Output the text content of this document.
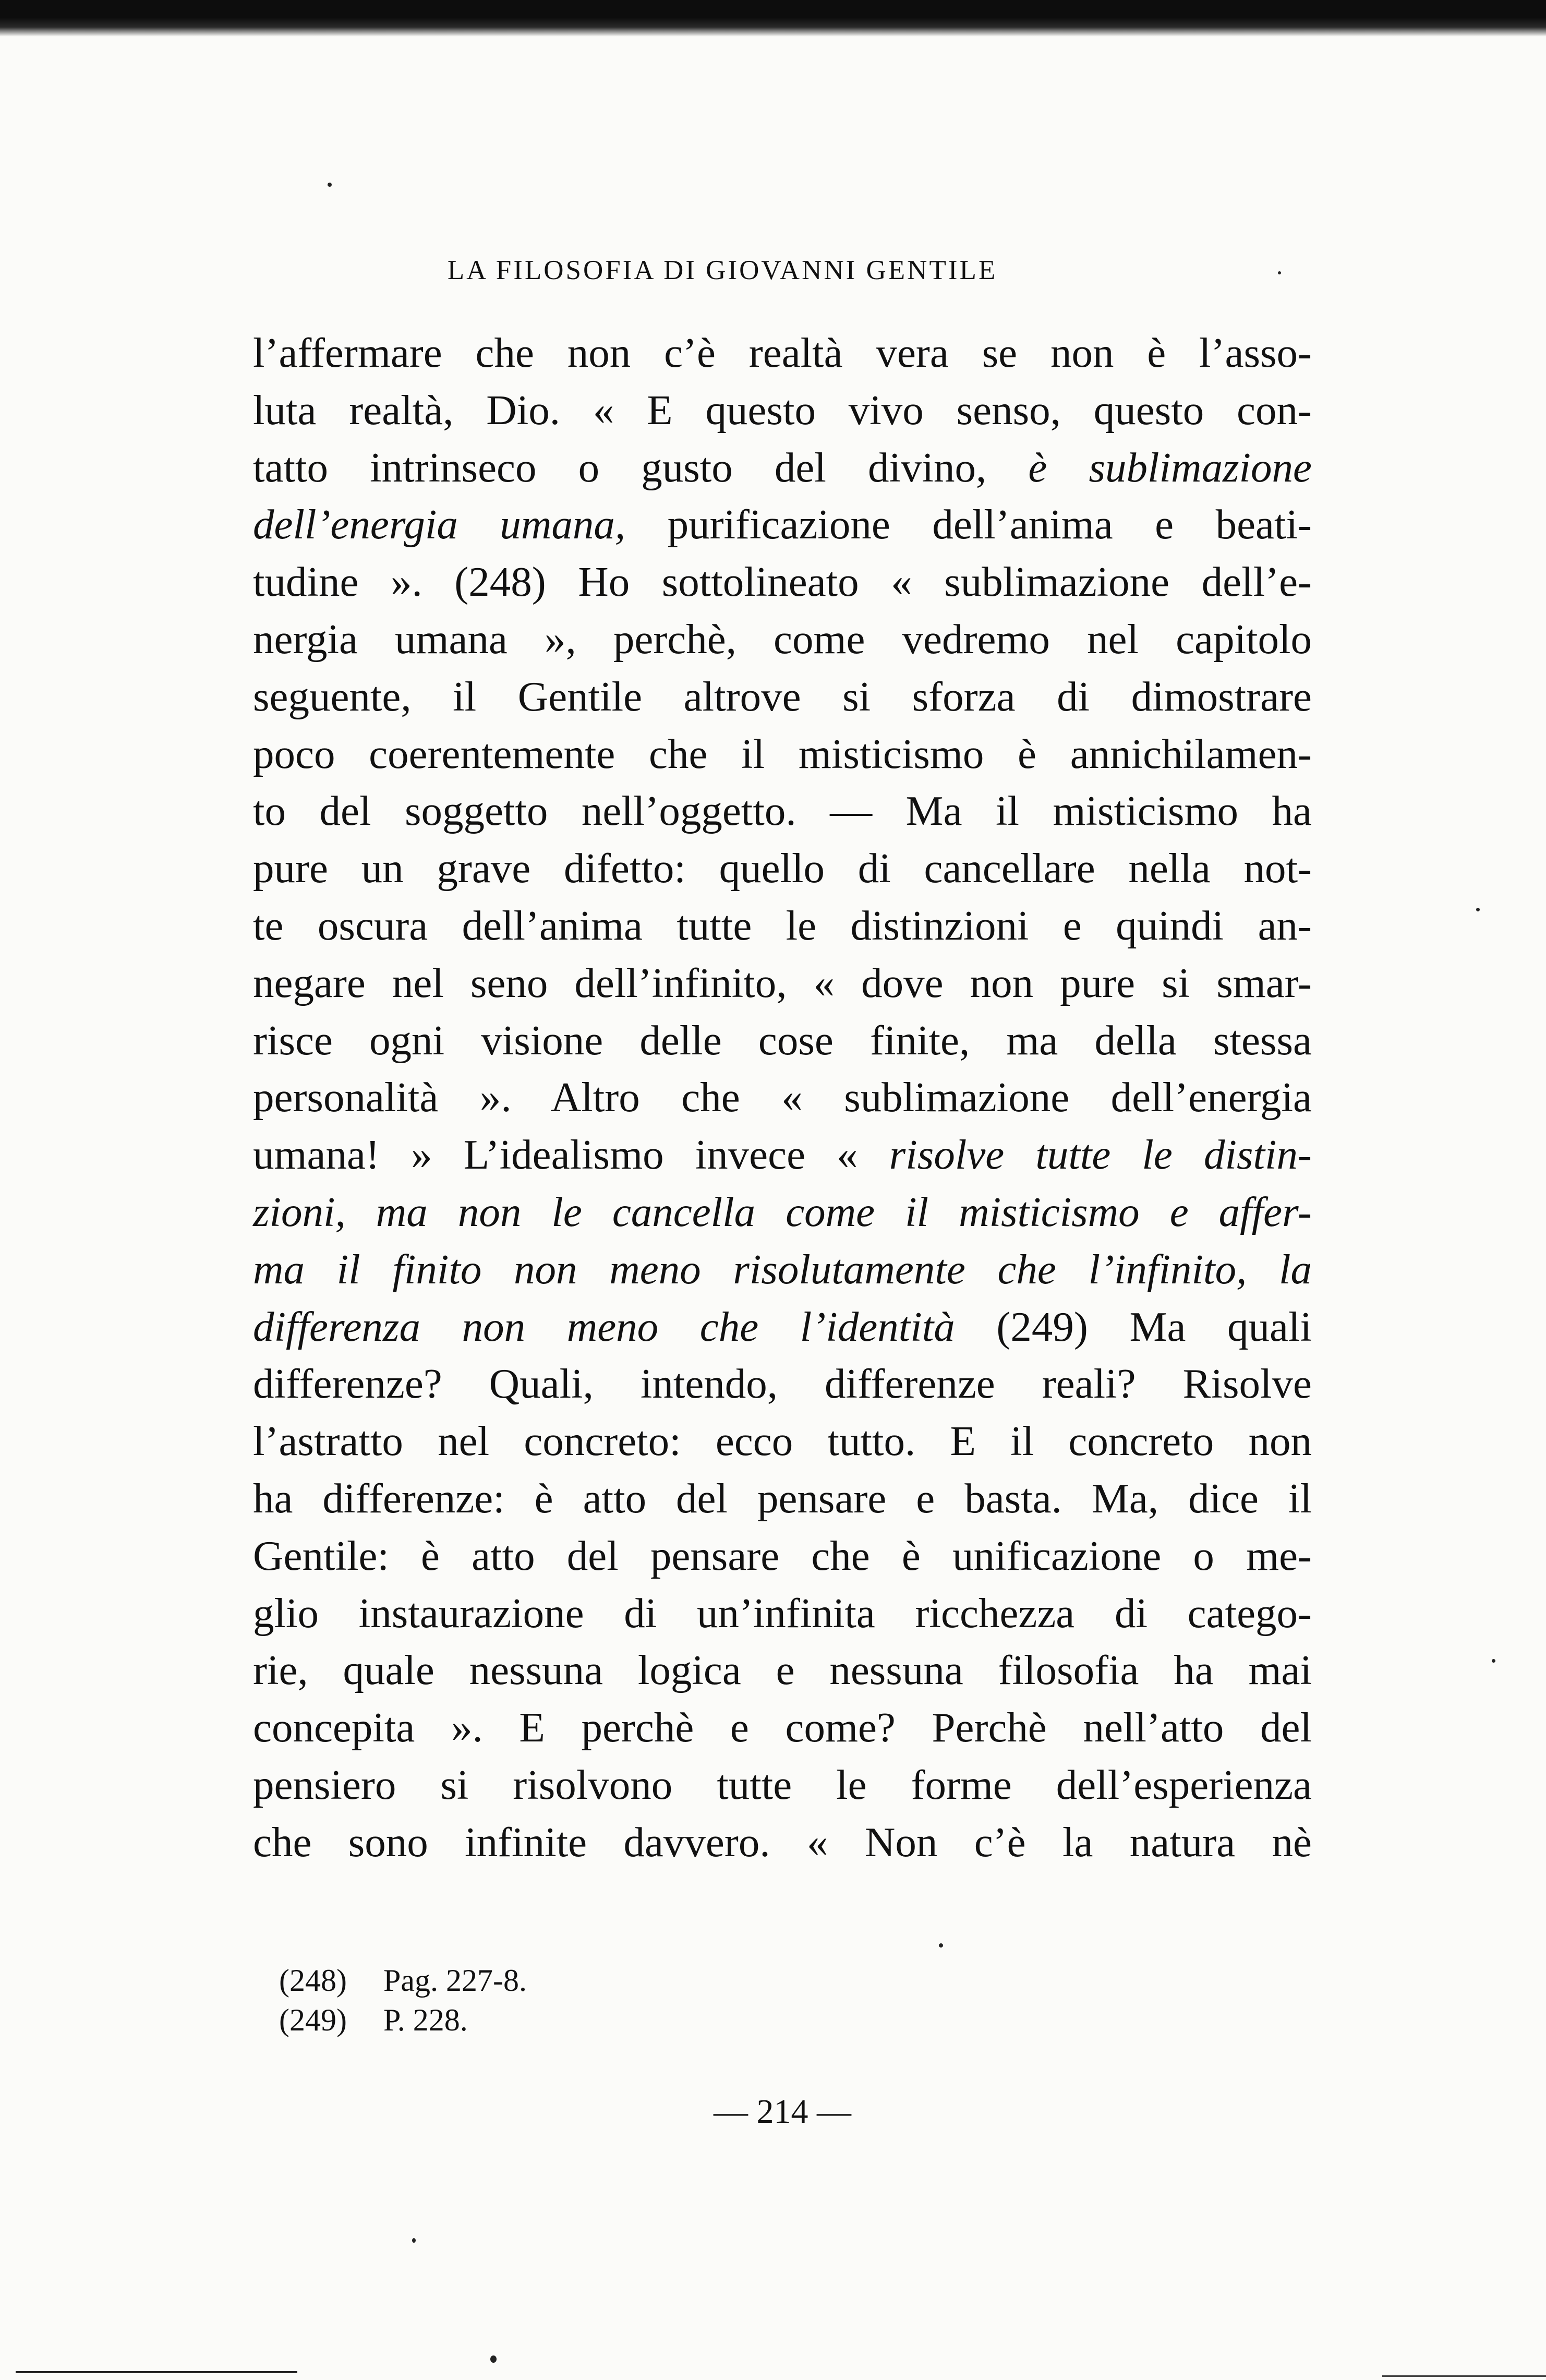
LA FILOSOFIA DI GIOVANNI GENTILE
l’affermare che non c’è realtà vera se non è l’asso-
luta realtà, Dio. « E questo vivo senso, questo con-
tatto intrinseco o gusto del divino, è sublimazione
dell’energia umana, purificazione dell’anima e beati-
tudine ». (248) Ho sottolineato « sublimazione dell’e-
nergia umana », perchè, come vedremo nel capitolo
seguente, il Gentile altrove si sforza di dimostrare
poco coerentemente che il misticismo è annichilamen-
to del soggetto nell’oggetto. — Ma il misticismo ha
pure un grave difetto: quello di cancellare nella not-
te oscura dell’anima tutte le distinzioni e quindi an-
negare nel seno dell’infinito, « dove non pure si smar-
risce ogni visione delle cose finite, ma della stessa
personalità ». Altro che « sublimazione dell’energia
umana! » L’idealismo invece « risolve tutte le distin-
zioni, ma non le cancella come il misticismo e affer-
ma il finito non meno risolutamente che l’infinito, la
differenza non meno che l’identità (249) Ma quali
differenze? Quali, intendo, differenze reali? Risolve
l’astratto nel concreto: ecco tutto. E il concreto non
ha differenze: è atto del pensare e basta. Ma, dice il
Gentile: è atto del pensare che è unificazione o me-
glio instaurazione di un’infinita ricchezza di catego-
rie, quale nessuna logica e nessuna filosofia ha mai
concepita ». E perchè e come? Perchè nell’atto del
pensiero si risolvono tutte le forme dell’esperienza
che sono infinite davvero. « Non c’è la natura nè
(248) Pag. 227-8.
(249) P. 228.
— 214 —
